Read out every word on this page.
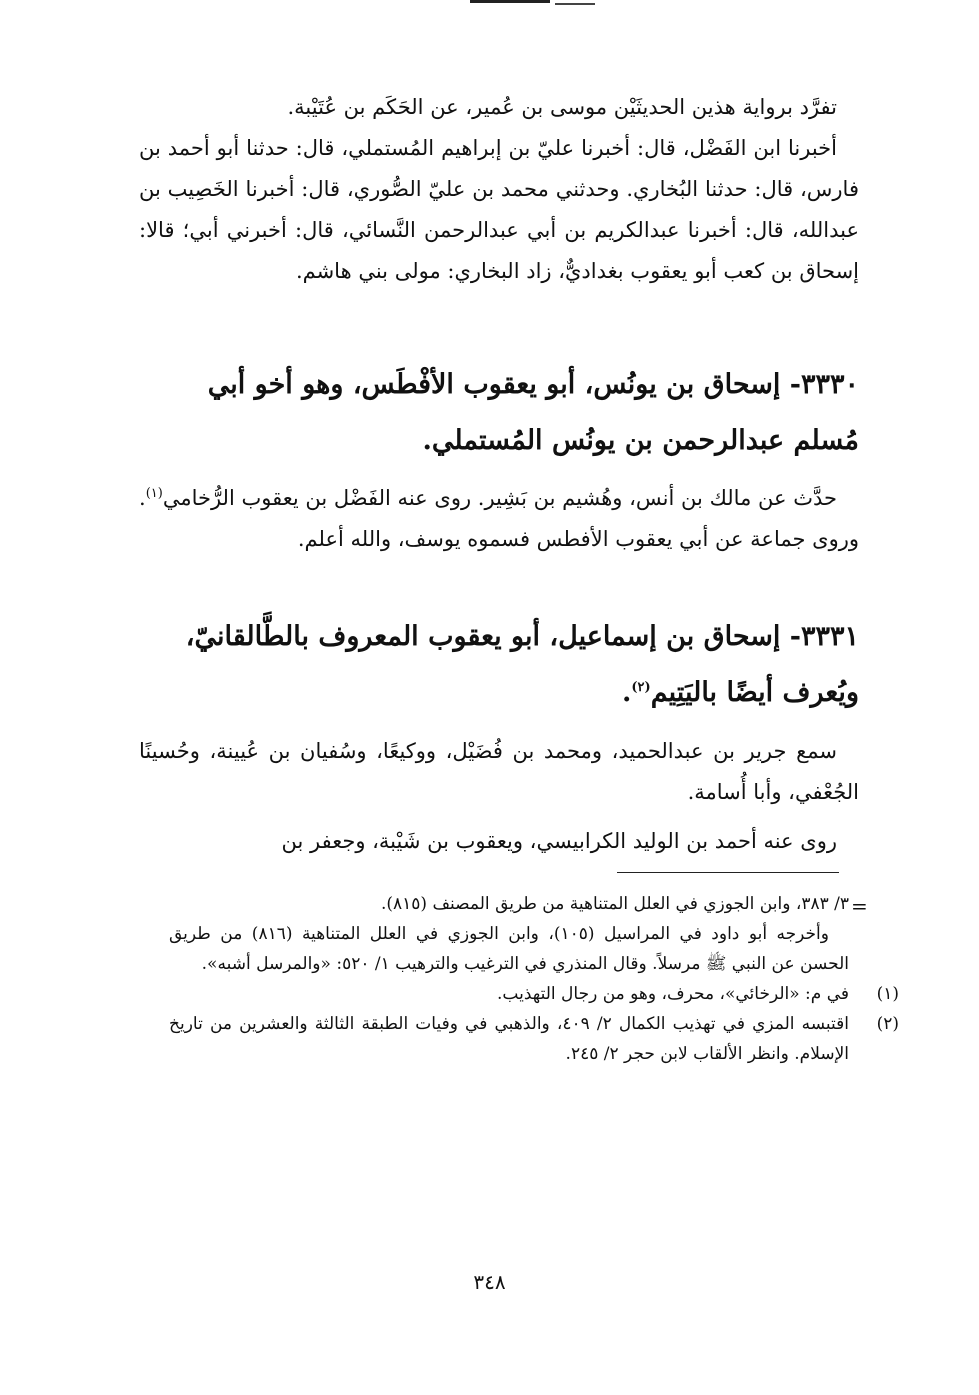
تفرَّد برواية هذين الحديثَيْن موسى بن عُمير، عن الحَكَم بن عُتَيْبة.

أخبرنا ابن الفَضْل، قال: أخبرنا عليّ بن إبراهيم المُستملي، قال: حدثنا أبو أحمد بن فارس، قال: حدثنا البُخاري. وحدثني محمد بن عليّ الصُّوري، قال: أخبرنا الخَصِيب بن عبدالله، قال: أخبرنا عبدالكريم بن أبي عبدالرحمن النَّسائي، قال: أخبرني أبي؛ قالا: إسحاق بن كعب أبو يعقوب بغداديٌّ، زاد البخاري: مولى بني هاشم.

٣٣٣٠- إسحاق بن يونُس، أبو يعقوب الأفْطَس، وهو أخو أبي مُسلم عبدالرحمن بن يونُس المُستملي.

حدَّث عن مالك بن أنس، وهُشيم بن بَشِير. روى عنه الفَضْل بن يعقوب الرُّخامي$^{(١)}$. وروى جماعة عن أبي يعقوب الأفطس فسموه يوسف، والله أعلم.

٣٣٣١- إسحاق بن إسماعيل، أبو يعقوب المعروف بالطَّالقانيّ، ويُعرف أيضًا باليَتِيم$^{(٢)}$.

سمع جرير بن عبدالحميد، ومحمد بن فُضَيْل، ووكيعًا، وسُفيان بن عُيينة، وحُسينًا الجُعْفي، وأبا أُسامة.

روى عنه أحمد بن الوليد الكرابيسي، ويعقوب بن شَيْبة، وجعفر بن

=

٣/ ٣٨٣، وابن الجوزي في العلل المتناهية من طريق المصنف (٨١٥).

وأخرجه أبو داود في المراسيل (١٠٥)، وابن الجوزي في العلل المتناهية (٨١٦) من طريق الحسن عن النبي ﷺ مرسلاً. وقال المنذري في الترغيب والترهيب ١/ ٥٢٠: «والمرسل أشبه».

(١)
في م: «الرخائي»، محرف، وهو من رجال التهذيب.

(٢)
اقتبسه المزي في تهذيب الكمال ٢/ ٤٠٩، والذهبي في وفيات الطبقة الثالثة والعشرين من تاريخ الإسلام. وانظر الألقاب لابن حجر ٢/ ٢٤٥.

٣٤٨
